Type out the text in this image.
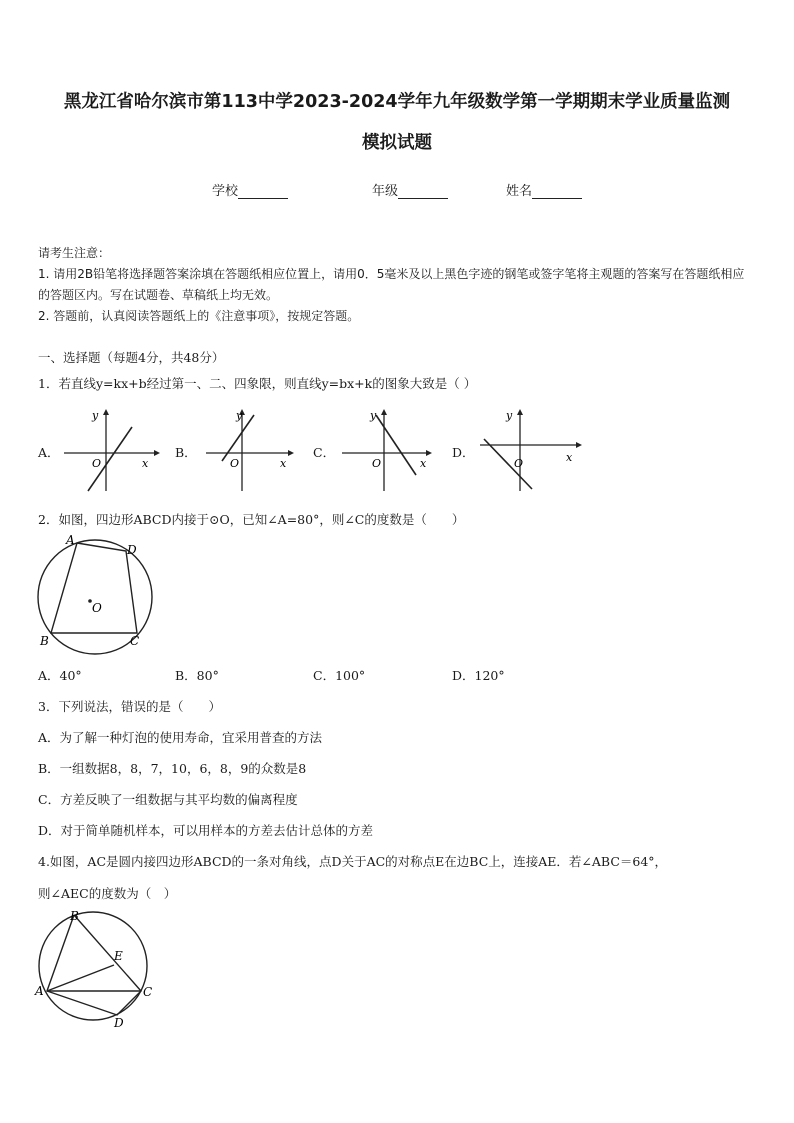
黑龙江省哈尔滨市第113中学2023-2024学年九年级数学第一学期期末学业质量监测
模拟试题
学校	年级	姓名
请考生注意：
1. 请用2B铅笔将选择题答案涂填在答题纸相应位置上，请用0．5毫米及以上黑色字迹的钢笔或签字笔将主观题的答案写在答题纸相应的答题区内。写在试题卷、草稿纸上均无效。
2. 答题前，认真阅读答题纸上的《注意事项》，按规定答题。
一、选择题（每题4分，共48分）
1．若直线y=kx+b经过第一、二、四象限，则直线y=bx+k的图象大致是（ ）
A．
O	x
y
B．
O	x
y
C．
O	x
y
D．
O	x
y
2．如图，四边形ABCD内接于⊙O，已知∠A=80°，则∠C的度数是（　　）
A
D
O
B	C
A．40°	B．80°	C．100°	D．120°
3．下列说法，错误的是（　　）
A．为了解一种灯泡的使用寿命，宜采用普查的方法
B．一组数据8，8，7，10，6，8，9的众数是8
C．方差反映了一组数据与其平均数的偏离程度
D．对于简单随机样本，可以用样本的方差去估计总体的方差
4.如图，AC是圆内接四边形ABCD的一条对角线，点D关于AC的对称点E在边BC上，连接AE．若∠ABC＝64°，
则∠AEC的度数为（　）
B
E
A	C
D
